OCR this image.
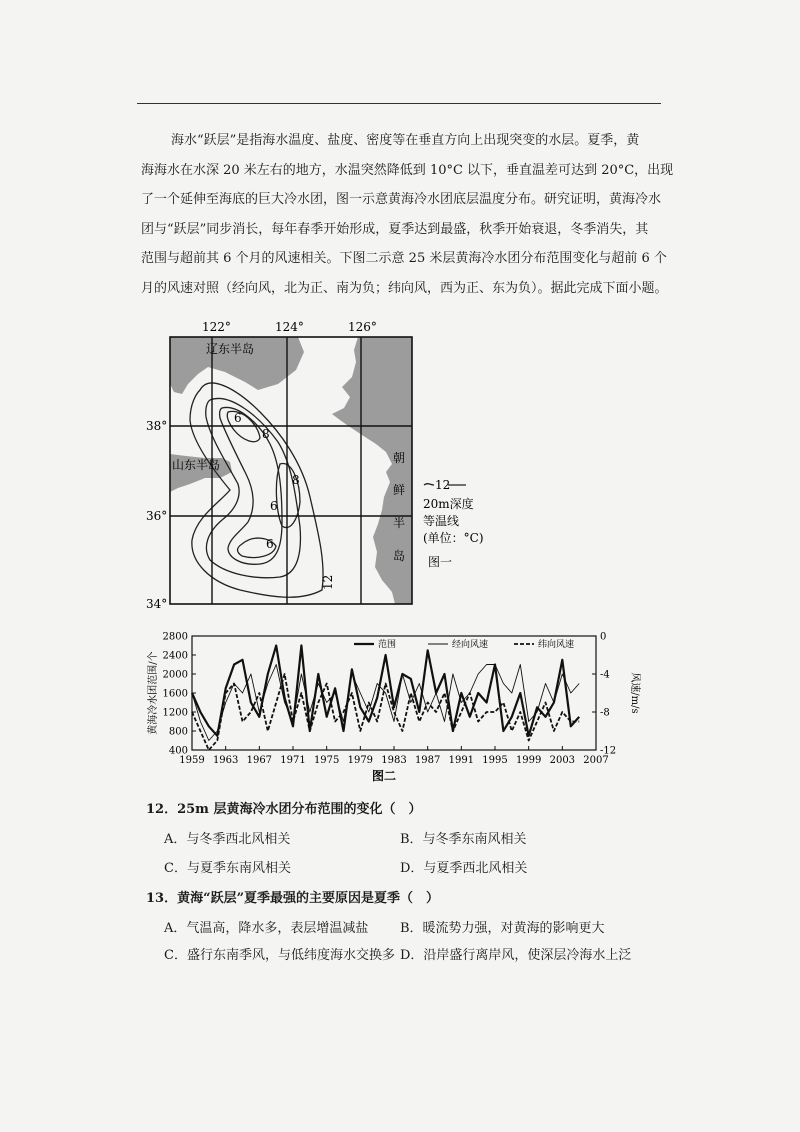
海水“跃层”是指海水温度、盐度、密度等在垂直方向上出现突变的水层。夏季，黄
海海水在水深 20 米左右的地方，水温突然降低到 10°C 以下，垂直温差可达到 20°C，出现
了一个延伸至海底的巨大冷水团，图一示意黄海冷水团底层温度分布。研究证明，黄海冷水
团与“跃层”同步消长，每年春季开始形成，夏季达到最盛，秋季开始衰退，冬季消失，其
范围与超前其 6 个月的风速相关。下图二示意 25 米层黄海冷水团分布范围变化与超前 6 个
月的风速对照（经向风，北为正、南为负；纬向风，西为正、东为负）。据此完成下面小题。
122°	124°	126°
38°
36°
34°
辽东半岛
山东半岛	朝
鲜
半
岛
6
8
8
6
6
12
12
20m深度
等温线
(单位：°C)
图一
2800
2400
2000
1600
1200
800
400
0
-4
-8
-12
1959 1963 1967 1971 1975 1979 1983 1987 1991 1995 1999 2003 2007
黄海冷水团范围/个	风速/m/s
图二
范围	经向风速	纬向风速
12．25m 层黄海冷水团分布范围的变化（　）
A．与冬季西北风相关	B．与冬季东南风相关
C．与夏季东南风相关	D．与夏季西北风相关
13．黄海“跃层”夏季最强的主要原因是夏季（　）
A．气温高，降水多，表层增温减盐 B．暖流势力强，对黄海的影响更大
C．盛行东南季风，与低纬度海水交换多 D．沿岸盛行离岸风，使深层冷海水上泛
